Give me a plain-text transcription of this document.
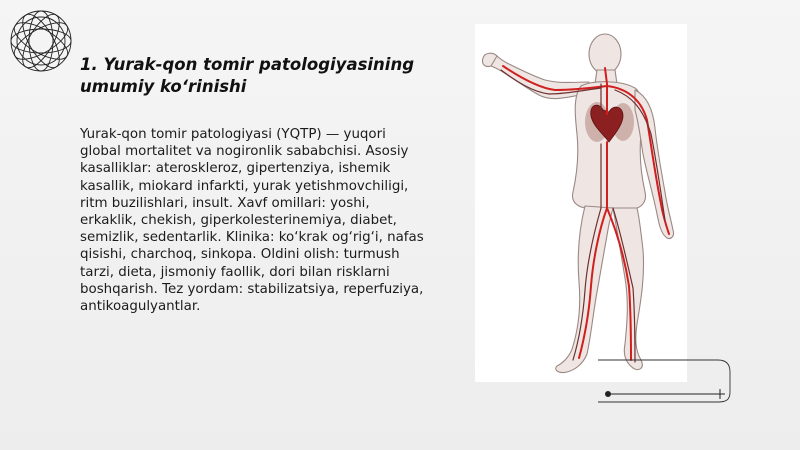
1. Yurak-qon tomir patologiyasining umumiy ko‘rinishi

Yurak-qon tomir patologiyasi (YQTP) — yuqori global mortalitet va nogironlik sababchisi. Asosiy kasalliklar: ateroskleroz, gipertenziya, ishemik kasallik, miokard infarkti, yurak yetishmovchiligi, ritm buzilishlari, insult. Xavf omillari: yoshi, erkaklik, chekish, giperkolesterinemiya, diabet, semizlik, sedentarlik. Klinika: ko‘krak og‘rig‘i, nafas qisishi, charchoq, sinkopa. Oldini olish: turmush tarzi, dieta, jismoniy faollik, dori bilan risklarni boshqarish. Tez yordam: stabilizatsiya, reperfuziya, antikoagulyantlar.
